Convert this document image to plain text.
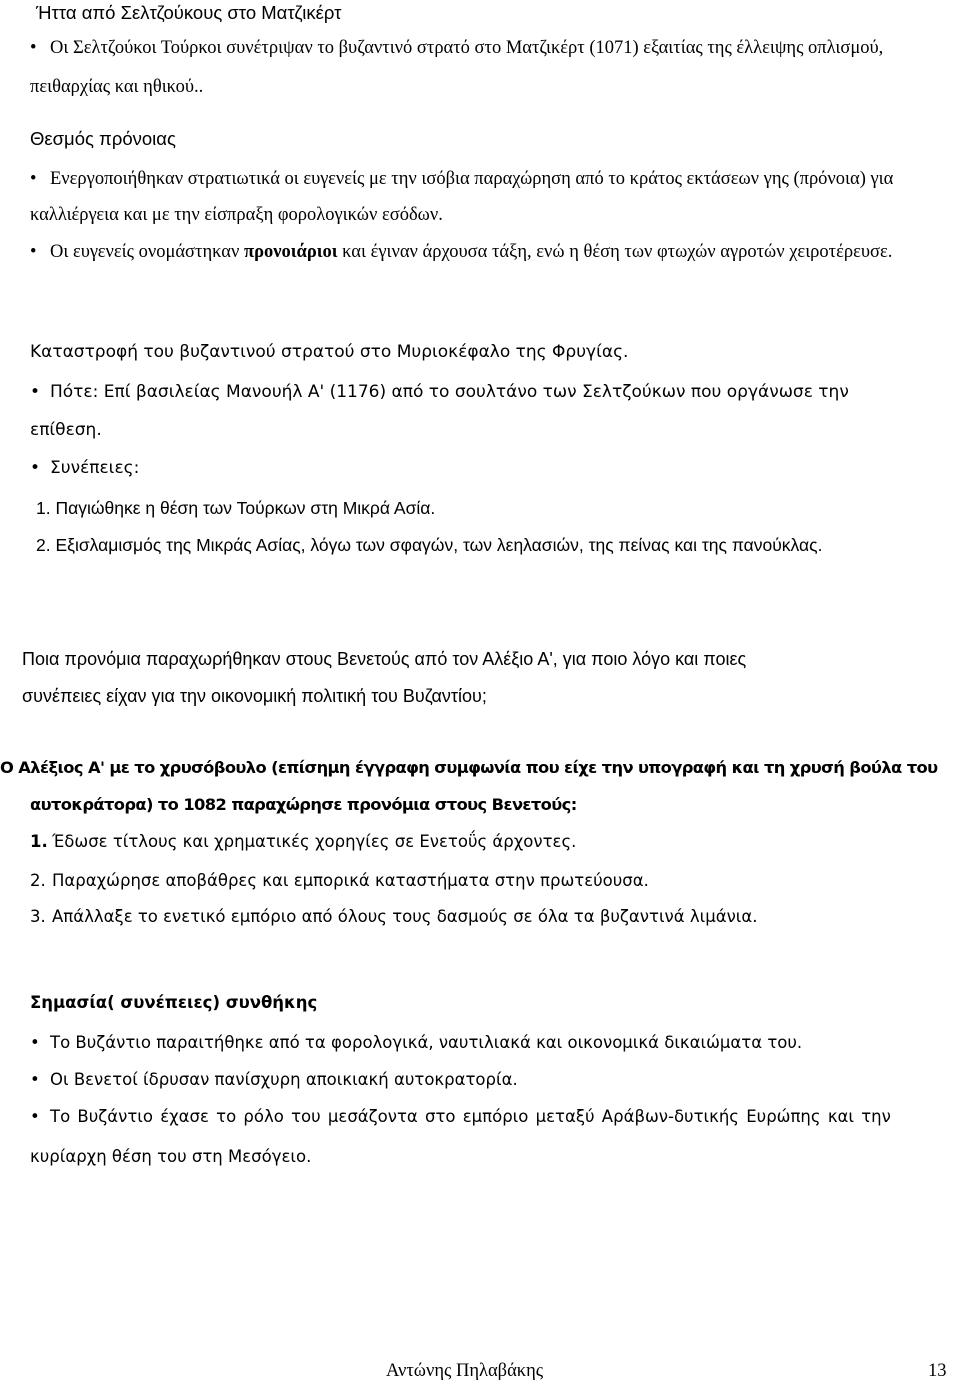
Ήττα από Σελτζούκους στο Ματζικέρτ
• Οι Σελτζούκοι Τούρκοι συνέτριψαν το βυζαντινό στρατό στο Ματζικέρτ (1071) εξαιτίας της έλλειψης οπλισμού,
πειθαρχίας και ηθικού..
Θεσμός πρόνοιας
• Ενεργοποιήθηκαν στρατιωτικά οι ευγενείς με την ισόβια παραχώρηση από το κράτος εκτάσεων γης (πρόνοια) για
καλλιέργεια και με την είσπραξη φορολογικών εσόδων.
• Οι ευγενείς ονομάστηκαν προνοιάριοι και έγιναν άρχουσα τάξη, ενώ η θέση των φτωχών αγροτών χειροτέρευσε.
Καταστροφή του βυζαντινού στρατού στο Μυριοκέφαλο της Φρυγίας.
• Πότε: Επί βασιλείας Μανουήλ Α' (1176) από το σουλτάνο των Σελτζούκων που οργάνωσε την
επίθεση.
• Συνέπειες:
1. Παγιώθηκε η θέση των Τούρκων στη Μικρά Ασία.
2. Εξισλαμισμός της Μικράς Ασίας, λόγω των σφαγών, των λεηλασιών, της πείνας και της πανούκλας.
Ποια προνόμια παραχωρήθηκαν στους Βενετούς από τον Αλέξιο Α', για ποιο λόγο και ποιες
συνέπειες είχαν για την οικονομική πολιτική του Βυζαντίου;
Ο Αλέξιος Α' με το χρυσόβουλο (επίσημη έγγραφη συμφωνία που είχε την υπογραφή και τη χρυσή βούλα του
αυτοκράτορα) το 1082 παραχώρησε προνόμια στους Βενετούς:
1. Έδωσε τίτλους και χρηματικές χορηγίες σε Ενετοΰς άρχοντες.
2. Παραχώρησε αποβάθρες και εμπορικά καταστήματα στην πρωτεύουσα.
3. Απάλλαξε το ενετικό εμπόριο από όλους τους δασμούς σε όλα τα βυζαντινά λιμάνια.
Σημασία( συνέπειες) συνθήκης
• Το Βυζάντιο παραιτήθηκε από τα φορολογικά, ναυτιλιακά και οικονομικά δικαιώματα του.
• Οι Βενετοί ίδρυσαν πανίσχυρη αποικιακή αυτοκρατορία.
• Το Βυζάντιο έχασε το ρόλο του μεσάζοντα στο εμπόριο μεταξύ Αράβων-δυτικής Ευρώπης και την
κυρίαρχη θέση του στη Μεσόγειο.
Αντώνης Πηλαβάκης	13
